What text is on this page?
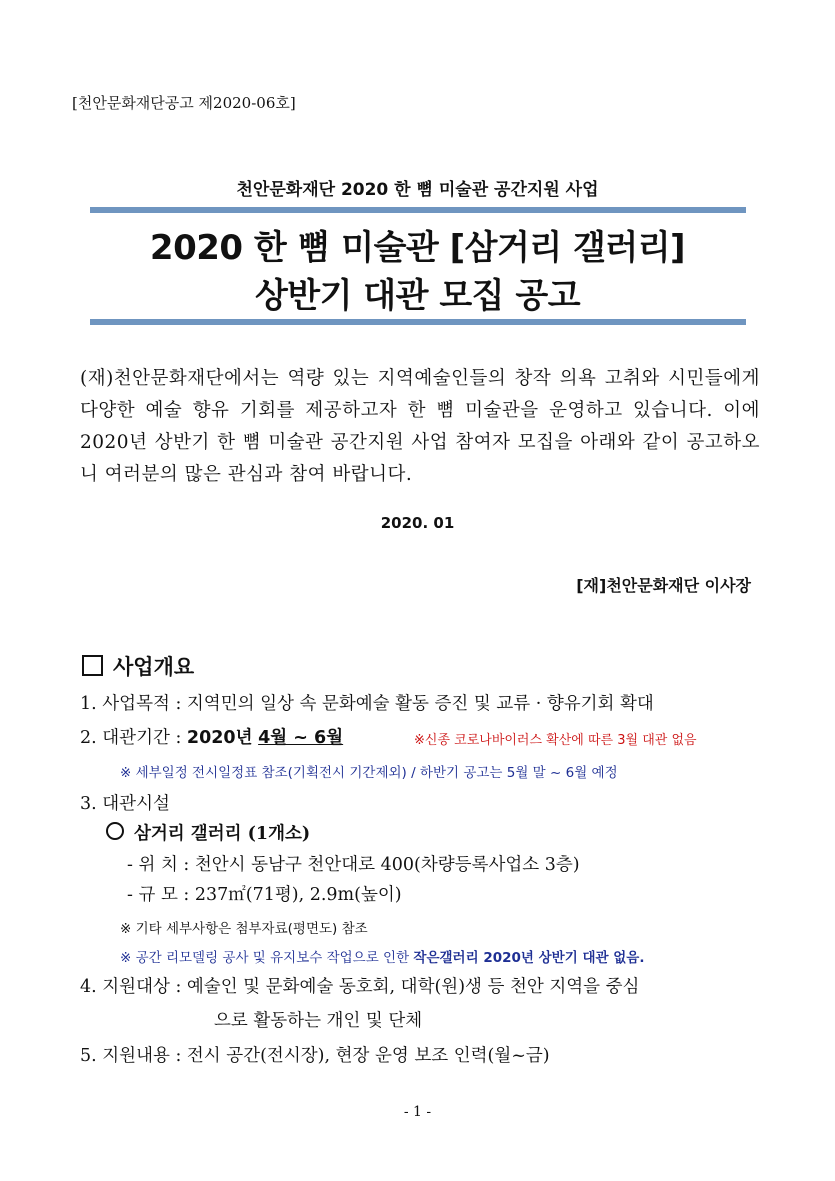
[천안문화재단공고 제2020-06호]
천안문화재단 2020 한 뼘 미술관 공간지원 사업
2020 한 뼘 미술관 [삼거리 갤러리]
상반기 대관 모집 공고
(재)천안문화재단에서는 역량 있는 지역예술인들의 창작 의욕 고취와 시민들에게 다양한 예술 향유 기회를 제공하고자 한 뼘 미술관을 운영하고 있습니다. 이에 2020년 상반기 한 뼘 미술관 공간지원 사업 참여자 모집을 아래와 같이 공고하오니 여러분의 많은 관심과 참여 바랍니다.
2020. 01
[재]천안문화재단 이사장
사업개요
1. 사업목적 : 지역민의 일상 속 문화예술 활동 증진 및 교류 · 향유기회 확대
2. 대관기간 : 2020년 4월 ~ 6월	※신종 코로나바이러스 확산에 따른 3월 대관 없음
※ 세부일정 전시일정표 참조(기획전시 기간제외) / 하반기 공고는 5월 말 ~ 6월 예정
3. 대관시설
삼거리 갤러리 (1개소)
- 위 치 : 천안시 동남구 천안대로 400(차량등록사업소 3층)
- 규 모 : 237㎡(71평), 2.9m(높이)
※ 기타 세부사항은 첨부자료(평면도) 참조
※ 공간 리모델링 공사 및 유지보수 작업으로 인한 작은갤러리 2020년 상반기 대관 없음.
4. 지원대상 : 예술인 및 문화예술 동호회, 대학(원)생 등 천안 지역을 중심
으로 활동하는 개인 및 단체
5. 지원내용 : 전시 공간(전시장), 현장 운영 보조 인력(월~금)
- 1 -
